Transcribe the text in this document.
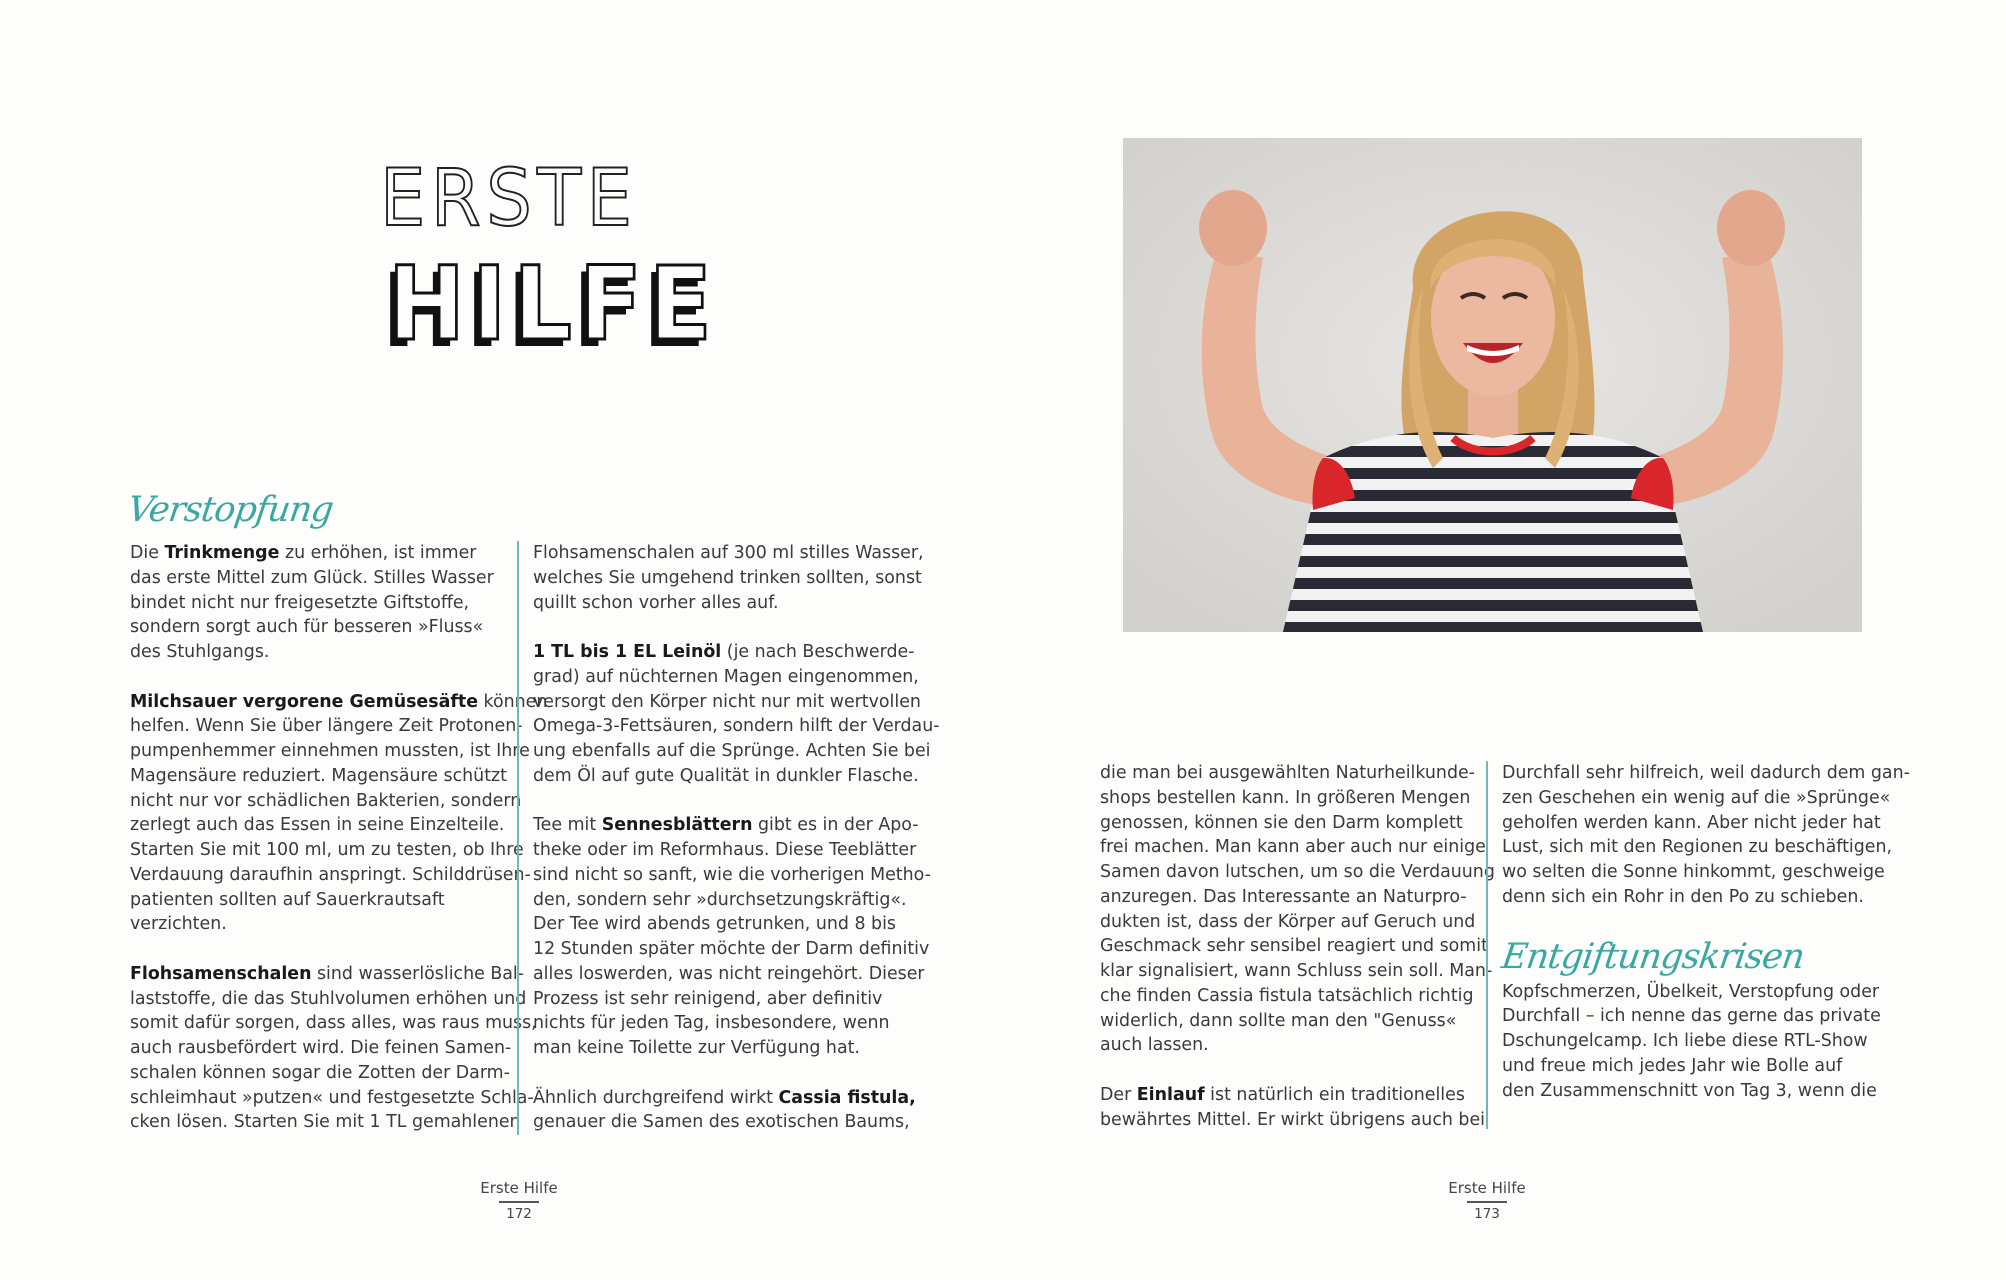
ERSTE
HILFE
Verstopfung

Die Trinkmenge zu erhöhen, ist immer
das erste Mittel zum Glück. Stilles Wasser
bindet nicht nur freigesetzte Giftstoffe,
sondern sorgt auch für besseren »Fluss«
des Stuhlgangs.

Milchsauer vergorene Gemüsesäfte können
helfen. Wenn Sie über längere Zeit Protonen-
pumpenhemmer einnehmen mussten, ist Ihre
Magensäure reduziert. Magensäure schützt
nicht nur vor schädlichen Bakterien, sondern
zerlegt auch das Essen in seine Einzelteile.
Starten Sie mit 100 ml, um zu testen, ob Ihre
Verdauung daraufhin anspringt. Schilddrüsen-
patienten sollten auf Sauerkrautsaft
verzichten.

Flohsamenschalen sind wasserlösliche Bal-
laststoffe, die das Stuhlvolumen erhöhen und
somit dafür sorgen, dass alles, was raus muss,
auch rausbefördert wird. Die feinen Samen-
schalen können sogar die Zotten der Darm-
schleimhaut »putzen« und festgesetzte Schla-
cken lösen. Starten Sie mit 1 TL gemahlenen

Flohsamenschalen auf 300 ml stilles Wasser,
welches Sie umgehend trinken sollten, sonst
quillt schon vorher alles auf.

1 TL bis 1 EL Leinöl (je nach Beschwerde-
grad) auf nüchternen Magen eingenommen,
versorgt den Körper nicht nur mit wertvollen
Omega-3-Fettsäuren, sondern hilft der Verdau-
ung ebenfalls auf die Sprünge. Achten Sie bei
dem Öl auf gute Qualität in dunkler Flasche.

Tee mit Sennesblättern gibt es in der Apo-
theke oder im Reformhaus. Diese Teeblätter
sind nicht so sanft, wie die vorherigen Metho-
den, sondern sehr »durchsetzungskräftig«.
Der Tee wird abends getrunken, und 8 bis
12 Stunden später möchte der Darm definitiv
alles loswerden, was nicht reingehört. Dieser
Prozess ist sehr reinigend, aber definitiv
nichts für jeden Tag, insbesondere, wenn
man keine Toilette zur Verfügung hat.

Ähnlich durchgreifend wirkt Cassia fistula,
genauer die Samen des exotischen Baums,

Erste Hilfe
172

die man bei ausgewählten Naturheilkunde-
shops bestellen kann. In größeren Mengen
genossen, können sie den Darm komplett
frei machen. Man kann aber auch nur einige
Samen davon lutschen, um so die Verdauung
anzuregen. Das Interessante an Naturpro-
dukten ist, dass der Körper auf Geruch und
Geschmack sehr sensibel reagiert und somit
klar signalisiert, wann Schluss sein soll. Man-
che finden Cassia fistula tatsächlich richtig
widerlich, dann sollte man den "Genuss«
auch lassen.

Der Einlauf ist natürlich ein traditionelles
bewährtes Mittel. Er wirkt übrigens auch bei

Durchfall sehr hilfreich, weil dadurch dem gan-
zen Geschehen ein wenig auf die »Sprünge«
geholfen werden kann. Aber nicht jeder hat
Lust, sich mit den Regionen zu beschäftigen,
wo selten die Sonne hinkommt, geschweige
denn sich ein Rohr in den Po zu schieben.

Entgiftungskrisen

Kopfschmerzen, Übelkeit, Verstopfung oder
Durchfall – ich nenne das gerne das private
Dschungelcamp. Ich liebe diese RTL-Show
und freue mich jedes Jahr wie Bolle auf
den Zusammenschnitt von Tag 3, wenn die

Erste Hilfe
173
